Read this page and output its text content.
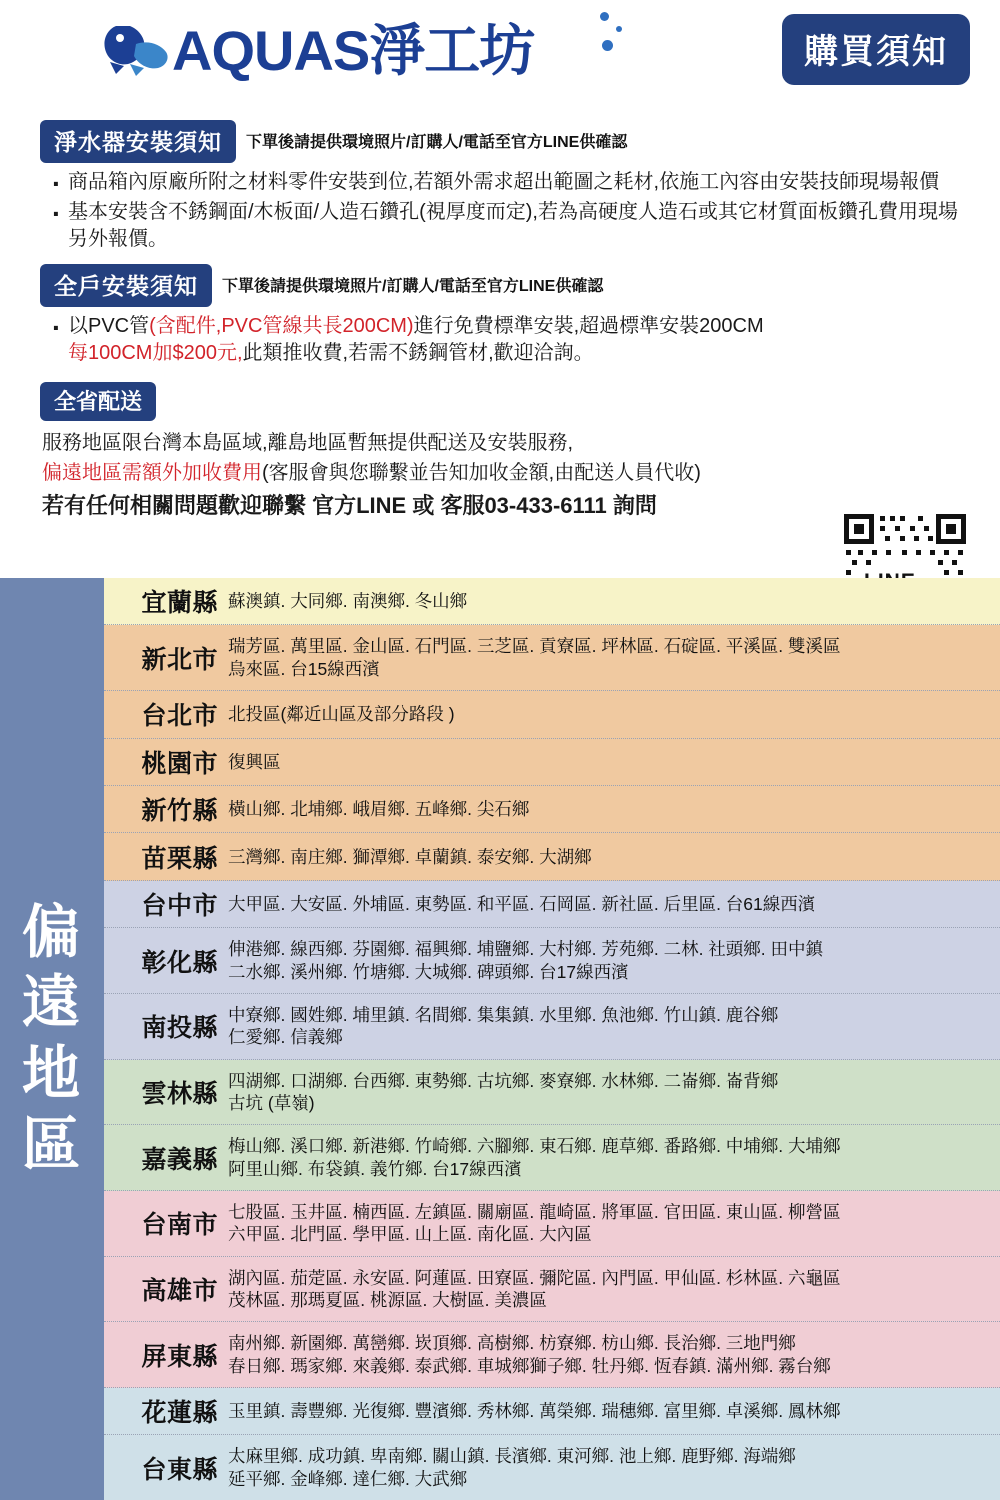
AQUAS淨工坊	購買須知
淨水器安裝須知	下單後請提供環境照片/訂購人/電話至官方LINE供確認
· 商品箱內原廠所附之材料零件安裝到位,若額外需求超出範圖之耗材,依施工內容由安裝技師現場報價
· 基本安裝含不銹鋼面/木板面/人造石鑽孔(視厚度而定),若為高硬度人造石或其它材質面板鑽孔費用現場另外報價。
全戶安裝須知	下單後請提供環境照片/訂購人/電話至官方LINE供確認
· 以PVC管(含配件,PVC管線共長200CM)進行免費標準安裝,超過標準安裝200CM
每100CM加$200元,此類推收費,若需不銹鋼管材,歡迎洽詢。
全省配送
服務地區限台灣本島區域,離島地區暫無提供配送及安裝服務,
偏遠地區需額外加收費用(客服會與您聯繫並告知加收金額,由配送人員代收)
若有任何相關問題歡迎聯繫 官方LINE 或 客服03-433-6111 詢問
偏
遠
地
區
宜蘭縣 蘇澳鎮. 大同鄉. 南澳鄉. 冬山鄉
新北市 瑞芳區. 萬里區. 金山區. 石門區. 三芝區. 貢寮區. 坪林區. 石碇區. 平溪區. 雙溪區
烏來區. 台15線西濱
台北市 北投區(鄰近山區及部分路段 )
桃園市 復興區
新竹縣 橫山鄉. 北埔鄉. 峨眉鄉. 五峰鄉. 尖石鄉
苗栗縣 三灣鄉. 南庄鄉. 獅潭鄉. 卓蘭鎮. 泰安鄉. 大湖鄉
台中市 大甲區. 大安區. 外埔區. 東勢區. 和平區. 石岡區. 新社區. 后里區. 台61線西濱
彰化縣 伸港鄉. 線西鄉. 芬園鄉. 福興鄉. 埔鹽鄉. 大村鄉. 芳苑鄉. 二林. 社頭鄉. 田中鎮
二水鄉. 溪州鄉. 竹塘鄉. 大城鄉. 碑頭鄉. 台17線西濱
南投縣 中寮鄉. 國姓鄉. 埔里鎮. 名間鄉. 集集鎮. 水里鄉. 魚池鄉. 竹山鎮. 鹿谷鄉
仁愛鄉. 信義鄉
雲林縣 四湖鄉. 口湖鄉. 台西鄉. 東勢鄉. 古坑鄉. 麥寮鄉. 水林鄉. 二崙鄉. 崙背鄉
古坑 (草嶺)
嘉義縣 梅山鄉. 溪口鄉. 新港鄉. 竹崎鄉. 六腳鄉. 東石鄉. 鹿草鄉. 番路鄉. 中埔鄉. 大埔鄉
阿里山鄉. 布袋鎮. 義竹鄉. 台17線西濱
台南市 七股區. 玉井區. 楠西區. 左鎮區. 關廟區. 龍崎區. 將軍區. 官田區. 東山區. 柳營區
六甲區. 北門區. 學甲區. 山上區. 南化區. 大內區
高雄市 湖內區. 茄萣區. 永安區. 阿蓮區. 田寮區. 彌陀區. 內門區. 甲仙區. 杉林區. 六龜區
茂林區. 那瑪夏區. 桃源區. 大樹區. 美濃區
屏東縣 南州鄉. 新園鄉. 萬巒鄉. 崁頂鄉. 高樹鄉. 枋寮鄉. 枋山鄉. 長治鄉. 三地門鄉
春日鄉. 瑪家鄉. 來義鄉. 泰武鄉. 車城鄉獅子鄉. 牡丹鄉. 恆春鎮. 滿州鄉. 霧台鄉
花蓮縣 玉里鎮. 壽豐鄉. 光復鄉. 豐濱鄉. 秀林鄉. 萬榮鄉. 瑞穗鄉. 富里鄉. 卓溪鄉. 鳳林鄉
台東縣 太麻里鄉. 成功鎮. 卑南鄉. 關山鎮. 長濱鄉. 東河鄉. 池上鄉. 鹿野鄉. 海端鄉
延平鄉. 金峰鄉. 達仁鄉. 大武鄉
